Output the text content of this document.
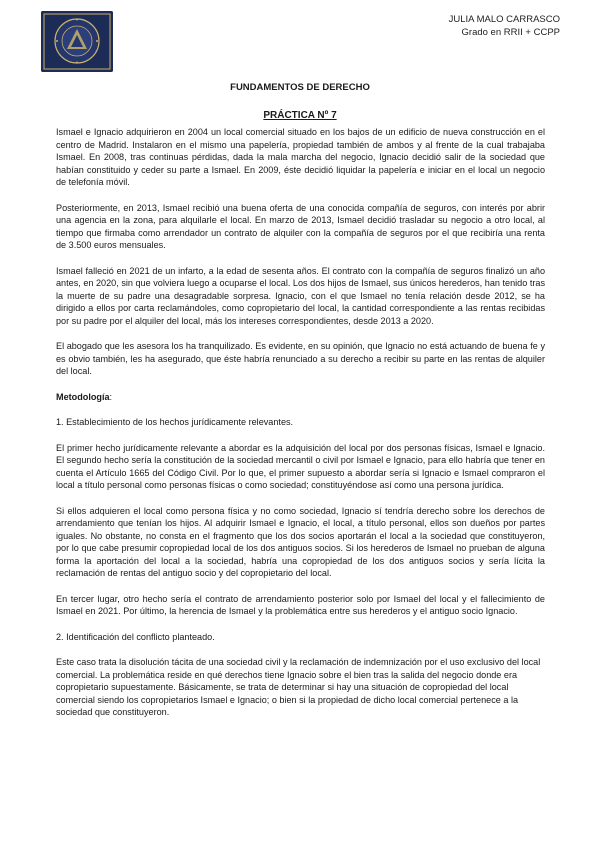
JULIA MALO CARRASCO
Grado en RRII + CCPP
FUNDAMENTOS DE DERECHO
PRÁCTICA Nº 7

Ismael e Ignacio adquirieron en 2004 un local comercial situado en los bajos de un edificio de nueva construcción en el centro de Madrid. Instalaron en el mismo una papelería, propiedad también de ambos y al frente de la cual trabajaba Ismael. En 2008, tras continuas pérdidas, dada la mala marcha del negocio, Ignacio decidió salir de la sociedad que habían constituido y ceder su parte a Ismael. En 2009, éste decidió liquidar la papelería e iniciar en el local un negocio de telefonía móvil.

Posteriormente, en 2013, Ismael recibió una buena oferta de una conocida compañía de seguros, con interés por abrir una agencia en la zona, para alquilarle el local. En marzo de 2013, Ismael decidió trasladar su negocio a otro local, al tiempo que firmaba como arrendador un contrato de alquiler con la compañía de seguros por el que recibiría una renta de 3.500 euros mensuales.

Ismael falleció en 2021 de un infarto, a la edad de sesenta años. El contrato con la compañía de seguros finalizó un año antes, en 2020, sin que volviera luego a ocuparse el local. Los dos hijos de Ismael, sus únicos herederos, han tenido tras la muerte de su padre una desagradable sorpresa. Ignacio, con el que Ismael no tenía relación desde 2012, se ha dirigido a ellos por carta reclamándoles, como copropietario del local, la cantidad correspondiente a las rentas recibidas por su padre por el alquiler del local, más los intereses correspondientes, desde 2013 a 2020.

El abogado que les asesora los ha tranquilizado. Es evidente, en su opinión, que Ignacio no está actuando de buena fe y es obvio también, les ha asegurado, que éste habría renunciado a su derecho a recibir su parte en las rentas de alquiler del local.

Metodología:

1. Establecimiento de los hechos jurídicamente relevantes.

El primer hecho jurídicamente relevante a abordar es la adquisición del local por dos personas físicas, Ismael e Ignacio. El segundo hecho sería la constitución de la sociedad mercantil o civil por Ismael e Ignacio, para ello habría que tener en cuenta el Artículo 1665 del Código Civil. Por lo que, el primer supuesto a abordar sería si Ignacio e Ismael compraron el local a título personal como personas físicas o como sociedad; constituyéndose así como una persona jurídica.

Si ellos adquieren el local como persona física y no como sociedad, Ignacio sí tendría derecho sobre los derechos de arrendamiento que tenían los hijos. Al adquirir Ismael e Ignacio, el local, a título personal, ellos son dueños por partes iguales. No obstante, no consta en el fragmento que los dos socios aportarán el local a la sociedad que constituyeron, por lo que cabe presumir copropiedad local de los dos antiguos socios. Si los herederos de Ismael no prueban de alguna forma la aportación del local a la sociedad, habría una copropiedad de los dos antiguos socios y sería lícita la reclamación de rentas del antiguo socio y del copropietario del local.

En tercer lugar, otro hecho sería el contrato de arrendamiento posterior solo por Ismael del local y el fallecimiento de Ismael en 2021. Por último, la herencia de Ismael y la problemática entre sus herederos y el antiguo socio Ignacio.

2. Identificación del conflicto planteado.

Este caso trata la disolución tácita de una sociedad civil y la reclamación de indemnización por el uso exclusivo del local comercial. La problemática reside en qué derechos tiene Ignacio sobre el bien tras la salida del negocio donde era copropietario supuestamente. Básicamente, se trata de determinar si hay una situación de copropiedad del local comercial siendo los copropietarios Ismael e Ignacio; o bien si la propiedad de dicho local comercial pertenece a la sociedad que constituyeron.
